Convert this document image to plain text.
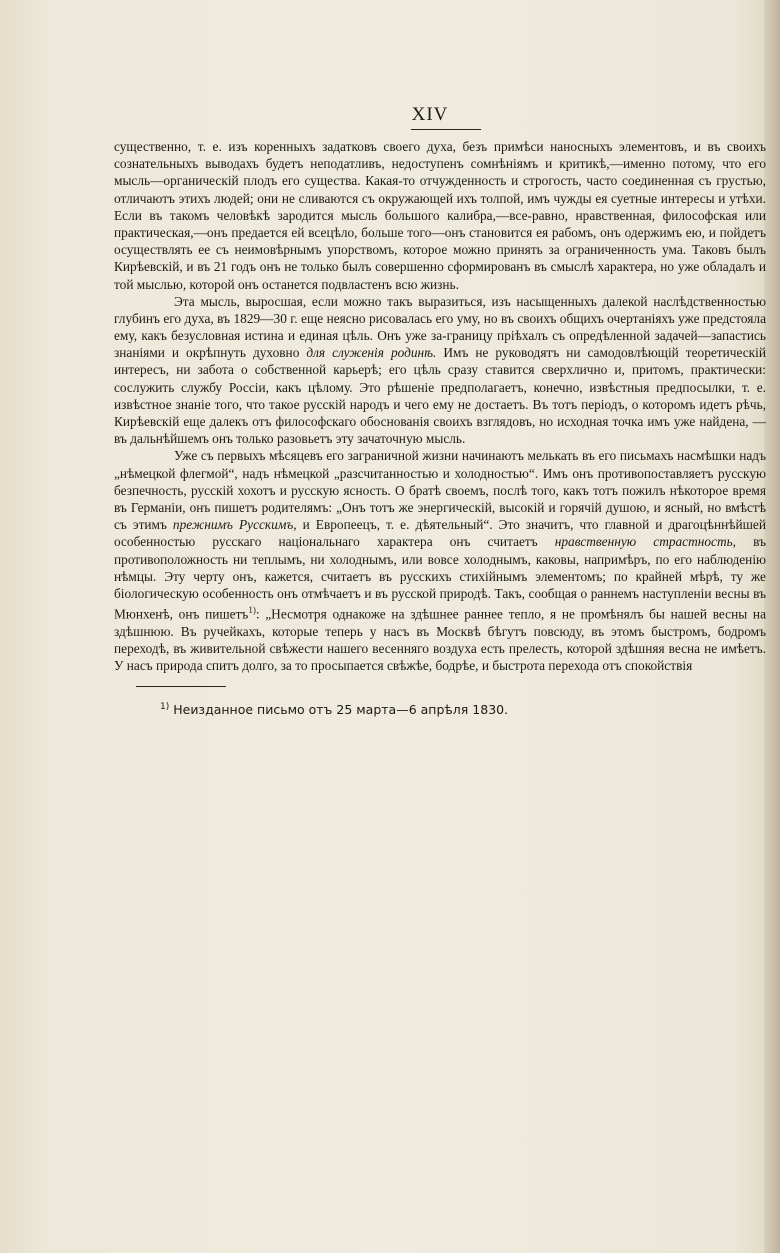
XIV

существенно, т. е. изъ коренныхъ задатковъ своего духа, безъ примѣси наносныхъ элементовъ, и въ своихъ сознательныхъ выводахъ будетъ неподатливъ, недоступенъ сомнѣніямъ и критикѣ,—именно потому, что его мысль—органическій плодъ его существа. Какая-то отчужденность и строгость, часто соединенная съ грустью, отличаютъ этихъ людей; они не сливаются съ окружающей ихъ толпой, имъ чужды ея суетные интересы и утѣхи. Если въ такомъ человѣкѣ зародится мысль большого калибра,—все-равно, нравственная, философская или практическая,—онъ предается ей всецѣло, больше того—онъ становится ея рабомъ, онъ одержимъ ею, и пойдетъ осуществлять ее съ неимовѣрнымъ упорствомъ, которое можно принять за ограниченность ума. Таковъ былъ Кирѣевскій, и въ 21 годъ онъ не только былъ совершенно сформированъ въ смыслѣ характера, но уже обладалъ и той мыслью, которой онъ останется подвластенъ всю жизнь.

Эта мысль, выросшая, если можно такъ выразиться, изъ насыщенныхъ далекой наслѣдственностью глубинъ его духа, въ 1829—30 г. еще неясно рисовалась его уму, но въ своихъ общихъ очертаніяхъ уже предстояла ему, какъ безусловная истина и единая цѣль. Онъ уже за-границу пріѣхалъ съ опредѣленной задачей—запастись знаніями и окрѣпнуть духовно для служенія родинѣ. Имъ не руководятъ ни самодовлѣющій теоретическій интересъ, ни забота о собственной карьерѣ; его цѣль сразу ставится сверхлично и, притомъ, практически: сослужить службу Россіи, какъ цѣлому. Это рѣшеніе предполагаетъ, конечно, извѣстныя предпосылки, т. е. извѣстное знаніе того, что такое русскій народъ и чего ему не достаетъ. Въ тотъ періодъ, о которомъ идетъ рѣчь, Кирѣевскій еще далекъ отъ философскаго обоснованія своихъ взглядовъ, но исходная точка имъ уже найдена, — въ дальнѣйшемъ онъ только разовьетъ эту зачаточную мысль.

Уже съ первыхъ мѣсяцевъ его заграничной жизни начинаютъ мелькать въ его письмахъ насмѣшки надъ „нѣмецкой флегмой“, надъ нѣмецкой „разсчитанностью и холодностью“. Имъ онъ противопоставляетъ русскую безпечность, русскій хохотъ и русскую ясность. О братѣ своемъ, послѣ того, какъ тотъ пожилъ нѣкоторое время въ Германіи, онъ пишетъ родителямъ: „Онъ тотъ же энергическій, высокій и горячій душою, и ясный, но вмѣстѣ съ этимъ прежнимъ Русскимъ, и Европеецъ, т. е. дѣятельный“. Это значитъ, что главной и драгоцѣннѣйшей особенностью русскаго національнаго характера онъ считаетъ нравственную страстность, въ противоположность ни теплымъ, ни холоднымъ, или вовсе холоднымъ, каковы, напримѣръ, по его наблюденію нѣмцы. Эту черту онъ, кажется, считаетъ въ русскихъ стихійнымъ элементомъ; по крайней мѣрѣ, ту же біологическую особенность онъ отмѣчаетъ и въ русской природѣ. Такъ, сообщая о раннемъ наступленіи весны въ Мюнхенѣ, онъ пишетъ$^{1)}$: „Несмотря однакоже на здѣшнее раннее тепло, я не промѣнялъ бы нашей весны на здѣшнюю. Въ ручейкахъ, которые теперь у насъ въ Москвѣ бѣгутъ повсюду, въ этомъ быстромъ, бодромъ переходѣ, въ живительной свѣжести нашего весенняго воздуха есть прелесть, которой здѣшняя весна не имѣетъ. У насъ природа спитъ долго, за то просыпается свѣжѣе, бодрѣе, и быстрота перехода отъ спокойствія

$^{1)}$ Неизданное письмо отъ 25 марта—6 апрѣля 1830.
